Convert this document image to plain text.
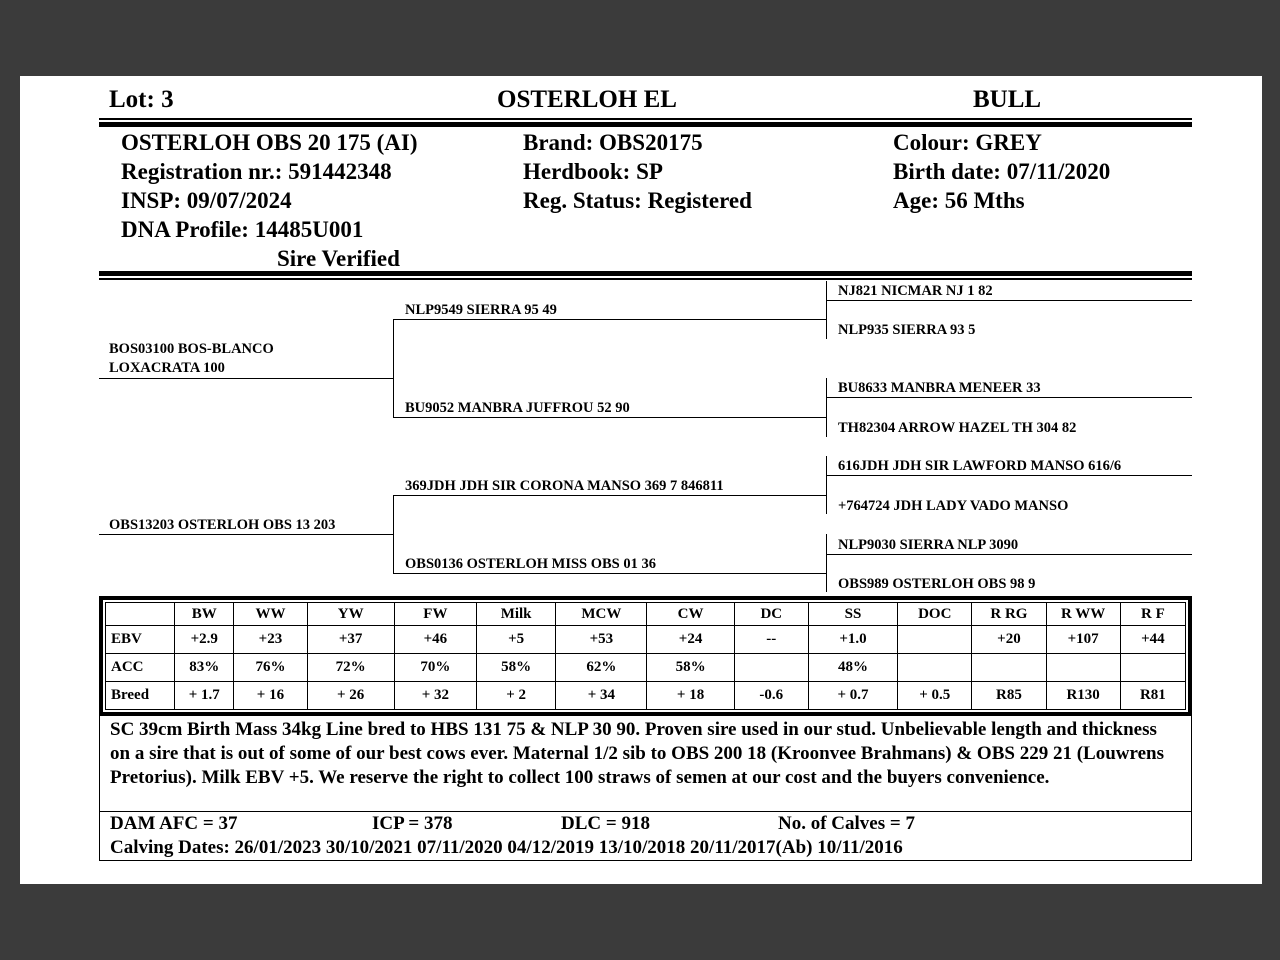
Lot: 3	OSTERLOH EL	BULL
OSTERLOH OBS 20 175 (AI)
Registration nr.: 591442348
INSP: 09/07/2024
DNA Profile: 14485U001
Sire Verified
Brand: OBS20175
Herdbook: SP
Reg. Status: Registered
Colour: GREY
Birth date: 07/11/2020
Age: 56 Mths
BOS03100 BOS-BLANCO
LOXACRATA 100
NLP9549 SIERRA 95 49
NJ821 NICMAR NJ 1 82
NLP935 SIERRA 93 5
BU9052 MANBRA JUFFROU 52 90
BU8633 MANBRA MENEER 33
TH82304 ARROW HAZEL TH 304 82
OBS13203 OSTERLOH OBS 13 203
369JDH JDH SIR CORONA MANSO 369 7 846811
616JDH JDH SIR LAWFORD MANSO 616/6
+764724 JDH LADY VADO MANSO
OBS0136 OSTERLOH MISS OBS 01 36
NLP9030 SIERRA NLP 3090
OBS989 OSTERLOH OBS 98 9
	BW	WW	YW	FW	Milk	MCW	CW	DC	SS	DOC	R RG	R WW	R F
EBV	+2.9	+23	+37	+46	+5	+53	+24	--	+1.0		+20	+107	+44
ACC	83%	76%	72%	70%	58%	62%	58%		48%				
Breed	+ 1.7	+ 16	+ 26	+ 32	+ 2	+ 34	+ 18	-0.6	+ 0.7	+ 0.5	R85	R130	R81
SC 39cm Birth Mass 34kg Line bred to HBS 131 75 & NLP 30 90. Proven sire used in our stud. Unbelievable length and thickness on a sire that is out of some of our best cows ever. Maternal 1/2 sib to OBS 200 18 (Kroonvee Brahmans) & OBS 229 21 (Louwrens Pretorius). Milk EBV +5. We reserve the right to collect 100 straws of semen at our cost and the buyers convenience.
DAM AFC = 37	ICP = 378	DLC = 918	No. of Calves = 7
Calving Dates: 26/01/2023 30/10/2021 07/11/2020 04/12/2019 13/10/2018 20/11/2017(Ab) 10/11/2016
